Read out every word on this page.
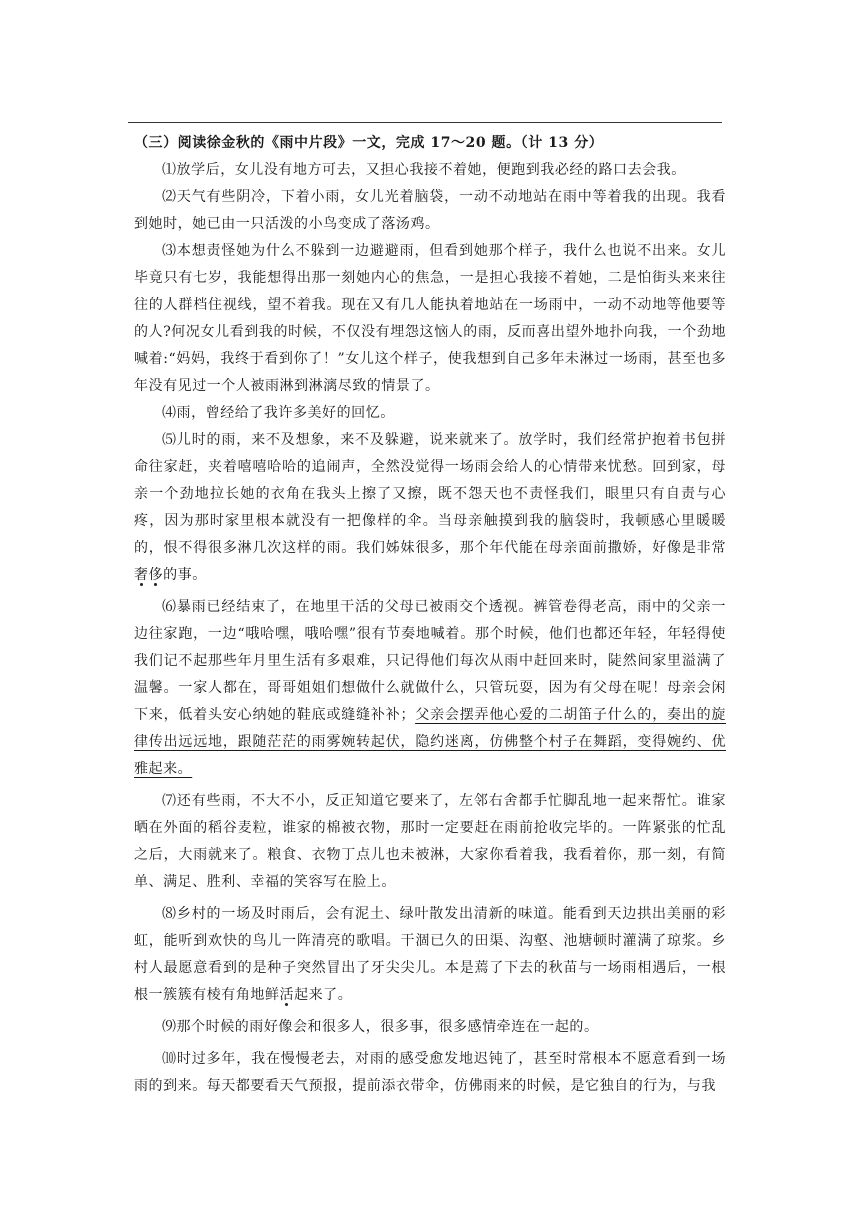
（三）阅读徐金秋的《雨中片段》一文，完成 17～20 题。（计 13 分）

⑴放学后，女儿没有地方可去，又担心我接不着她，便跑到我必经的路口去会我。

⑵天气有些阴冷，下着小雨，女儿光着脑袋，一动不动地站在雨中等着我的出现。我看到她时，她已由一只活泼的小鸟变成了落汤鸡。

⑶本想责怪她为什么不躲到一边避避雨，但看到她那个样子，我什么也说不出来。女儿毕竟只有七岁，我能想得出那一刻她内心的焦急，一是担心我接不着她，二是怕街头来来往往的人群档住视线，望不着我。现在又有几人能执着地站在一场雨中，一动不动地等他要等的人?何况女儿看到我的时候，不仅没有埋怨这恼人的雨，反而喜出望外地扑向我，一个劲地喊着:“妈妈，我终于看到你了！”女儿这个样子，使我想到自己多年未淋过一场雨，甚至也多年没有见过一个人被雨淋到淋漓尽致的情景了。

⑷雨，曾经给了我许多美好的回忆。

⑸儿时的雨，来不及想象，来不及躲避，说来就来了。放学时，我们经常护抱着书包拼命往家赶，夹着嘻嘻哈哈的追闹声，全然没觉得一场雨会给人的心情带来忧愁。回到家，母亲一个劲地拉长她的衣角在我头上擦了又擦，既不怨天也不责怪我们，眼里只有自责与心疼，因为那时家里根本就没有一把像样的伞。当母亲触摸到我的脑袋时，我顿感心里暖暖的，恨不得很多淋几次这样的雨。我们姊妹很多，那个年代能在母亲面前撒娇，好像是非常奢侈的事。

⑹暴雨已经结束了，在地里干活的父母已被雨交个透视。裤管卷得老高，雨中的父亲一边往家跑，一边“哦哈嘿，哦哈嘿”很有节奏地喊着。那个时候，他们也都还年轻，年轻得使我们记不起那些年月里生活有多艰难，只记得他们每次从雨中赶回来时，陡然间家里溢满了温馨。一家人都在，哥哥姐姐们想做什么就做什么，只管玩耍，因为有父母在呢！母亲会闲下来，低着头安心纳她的鞋底或缝缝补补；父亲会摆弄他心爱的二胡笛子什么的，奏出的旋律传出远远地，跟随茫茫的雨雾婉转起伏，隐约迷离，仿佛整个村子在舞蹈，变得婉约、优雅起来。

⑺还有些雨，不大不小，反正知道它要来了，左邻右舍都手忙脚乱地一起来帮忙。谁家晒在外面的稻谷麦粒，谁家的棉被衣物，那时一定要赶在雨前抢收完毕的。一阵紧张的忙乱之后，大雨就来了。粮食、衣物丁点儿也未被淋，大家你看着我，我看着你，那一刻，有简单、满足、胜利、幸福的笑容写在脸上。

⑻乡村的一场及时雨后，会有泥土、绿叶散发出清新的味道。能看到天边拱出美丽的彩虹，能听到欢快的鸟儿一阵清亮的歌唱。干涸已久的田渠、沟壑、池塘顿时灌满了琼浆。乡村人最愿意看到的是种子突然冒出了牙尖尖儿。本是蔫了下去的秋苗与一场雨相遇后，一根根一簇簇有棱有角地鲜活起来了。

⑼那个时候的雨好像会和很多人，很多事，很多感情牵连在一起的。

⑽时过多年，我在慢慢老去，对雨的感受愈发地迟钝了，甚至时常根本不愿意看到一场雨的到来。每天都要看天气预报，提前添衣带伞，仿佛雨来的时候，是它独自的行为，与我
